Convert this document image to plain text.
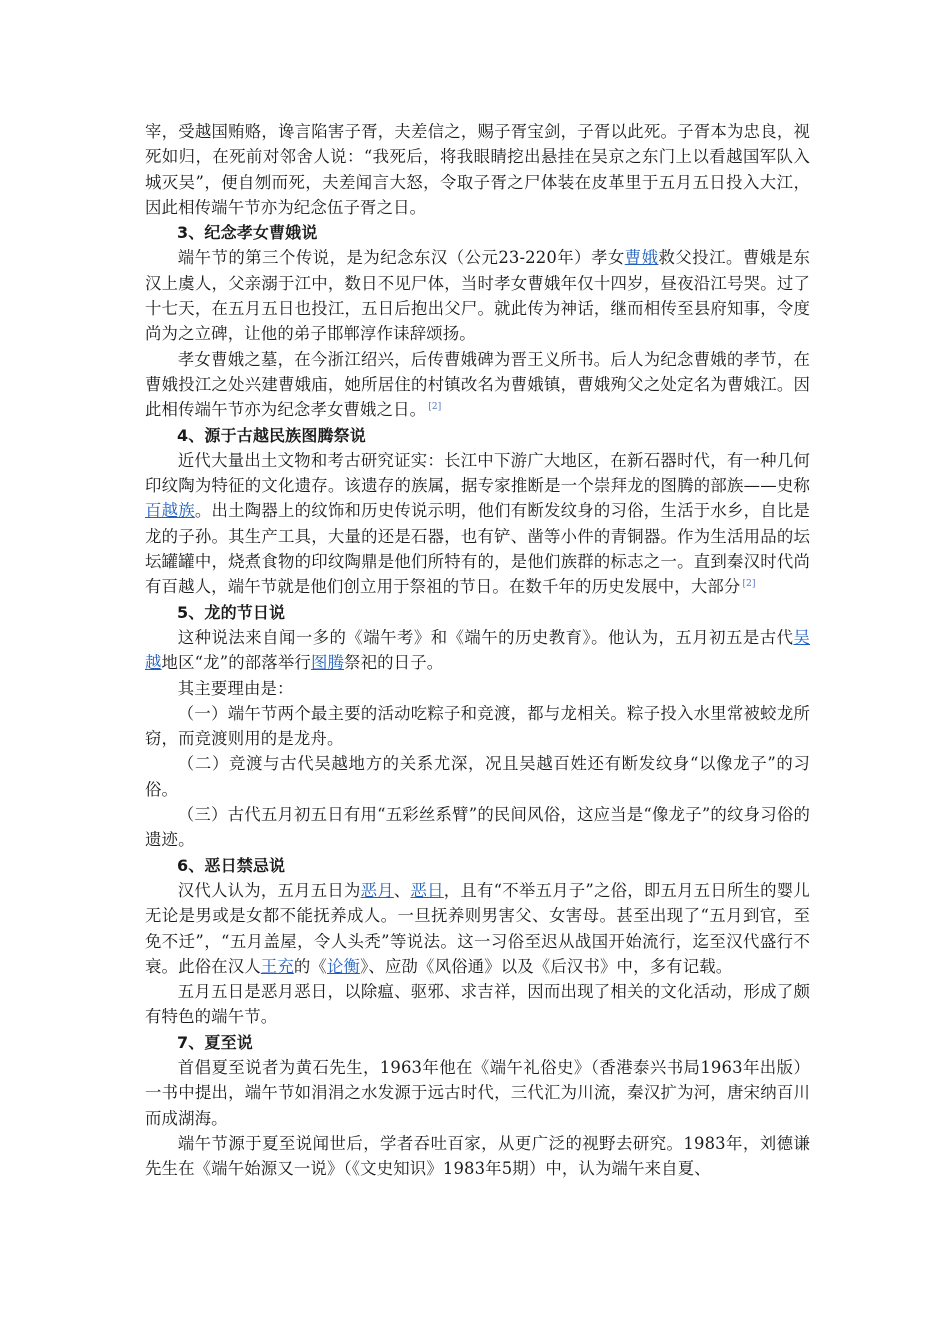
宰，受越国贿赂，谗言陷害子胥，夫差信之，赐子胥宝剑，子胥以此死。子胥本为忠良，视死如归，在死前对邻舍人说：“我死后，将我眼睛挖出悬挂在吴京之东门上以看越国军队入城灭吴”，便自刎而死，夫差闻言大怒，令取子胥之尸体装在皮革里于五月五日投入大江，因此相传端午节亦为纪念伍子胥之日。

3、纪念孝女曹娥说

端午节的第三个传说，是为纪念东汉（公元23-220年）孝女曹娥救父投江。曹娥是东汉上虞人，父亲溺于江中，数日不见尸体，当时孝女曹娥年仅十四岁，昼夜沿江号哭。过了十七天，在五月五日也投江，五日后抱出父尸。就此传为神话，继而相传至县府知事，令度尚为之立碑，让他的弟子邯郸淳作诔辞颂扬。

孝女曹娥之墓，在今浙江绍兴，后传曹娥碑为晋王义所书。后人为纪念曹娥的孝节，在曹娥投江之处兴建曹娥庙，她所居住的村镇改名为曹娥镇，曹娥殉父之处定名为曹娥江。因此相传端午节亦为纪念孝女曹娥之日。 [2]

4、源于古越民族图腾祭说

近代大量出土文物和考古研究证实：长江中下游广大地区，在新石器时代，有一种几何印纹陶为特征的文化遗存。该遗存的族属，据专家推断是一个崇拜龙的图腾的部族——史称百越族。出土陶器上的纹饰和历史传说示明，他们有断发纹身的习俗，生活于水乡，自比是龙的子孙。其生产工具，大量的还是石器，也有铲、凿等小件的青铜器。作为生活用品的坛坛罐罐中，烧煮食物的印纹陶鼎是他们所特有的，是他们族群的标志之一。直到秦汉时代尚有百越人，端午节就是他们创立用于祭祖的节日。在数千年的历史发展中，大部分 [2]

5、龙的节日说

这种说法来自闻一多的《端午考》和《端午的历史教育》。他认为，五月初五是古代吴越地区“龙”的部落举行图腾祭祀的日子。

其主要理由是：

（一）端午节两个最主要的活动吃粽子和竞渡，都与龙相关。粽子投入水里常被蛟龙所窃，而竞渡则用的是龙舟。

（二）竞渡与古代吴越地方的关系尤深，况且吴越百姓还有断发纹身“以像龙子”的习俗。

（三）古代五月初五日有用“五彩丝系臂”的民间风俗，这应当是“像龙子”的纹身习俗的遗迹。

6、恶日禁忌说

汉代人认为，五月五日为恶月、恶日，且有“不举五月子”之俗，即五月五日所生的婴儿无论是男或是女都不能抚养成人。一旦抚养则男害父、女害母。甚至出现了“五月到官，至免不迁”，“五月盖屋，令人头秃”等说法。这一习俗至迟从战国开始流行，迄至汉代盛行不衰。此俗在汉人王充的《论衡》、应劭《风俗通》以及《后汉书》中，多有记载。

五月五日是恶月恶日，以除瘟、驱邪、求吉祥，因而出现了相关的文化活动，形成了颇有特色的端午节。

7、夏至说

首倡夏至说者为黄石先生，1963年他在《端午礼俗史》（香港泰兴书局1963年出版）一书中提出，端午节如涓涓之水发源于远古时代，三代汇为川流，秦汉扩为河，唐宋纳百川而成湖海。

端午节源于夏至说闻世后，学者吞吐百家，从更广泛的视野去研究。1983年，刘德谦先生在《端午始源又一说》（《文史知识》1983年5期）中，认为端午来自夏、
